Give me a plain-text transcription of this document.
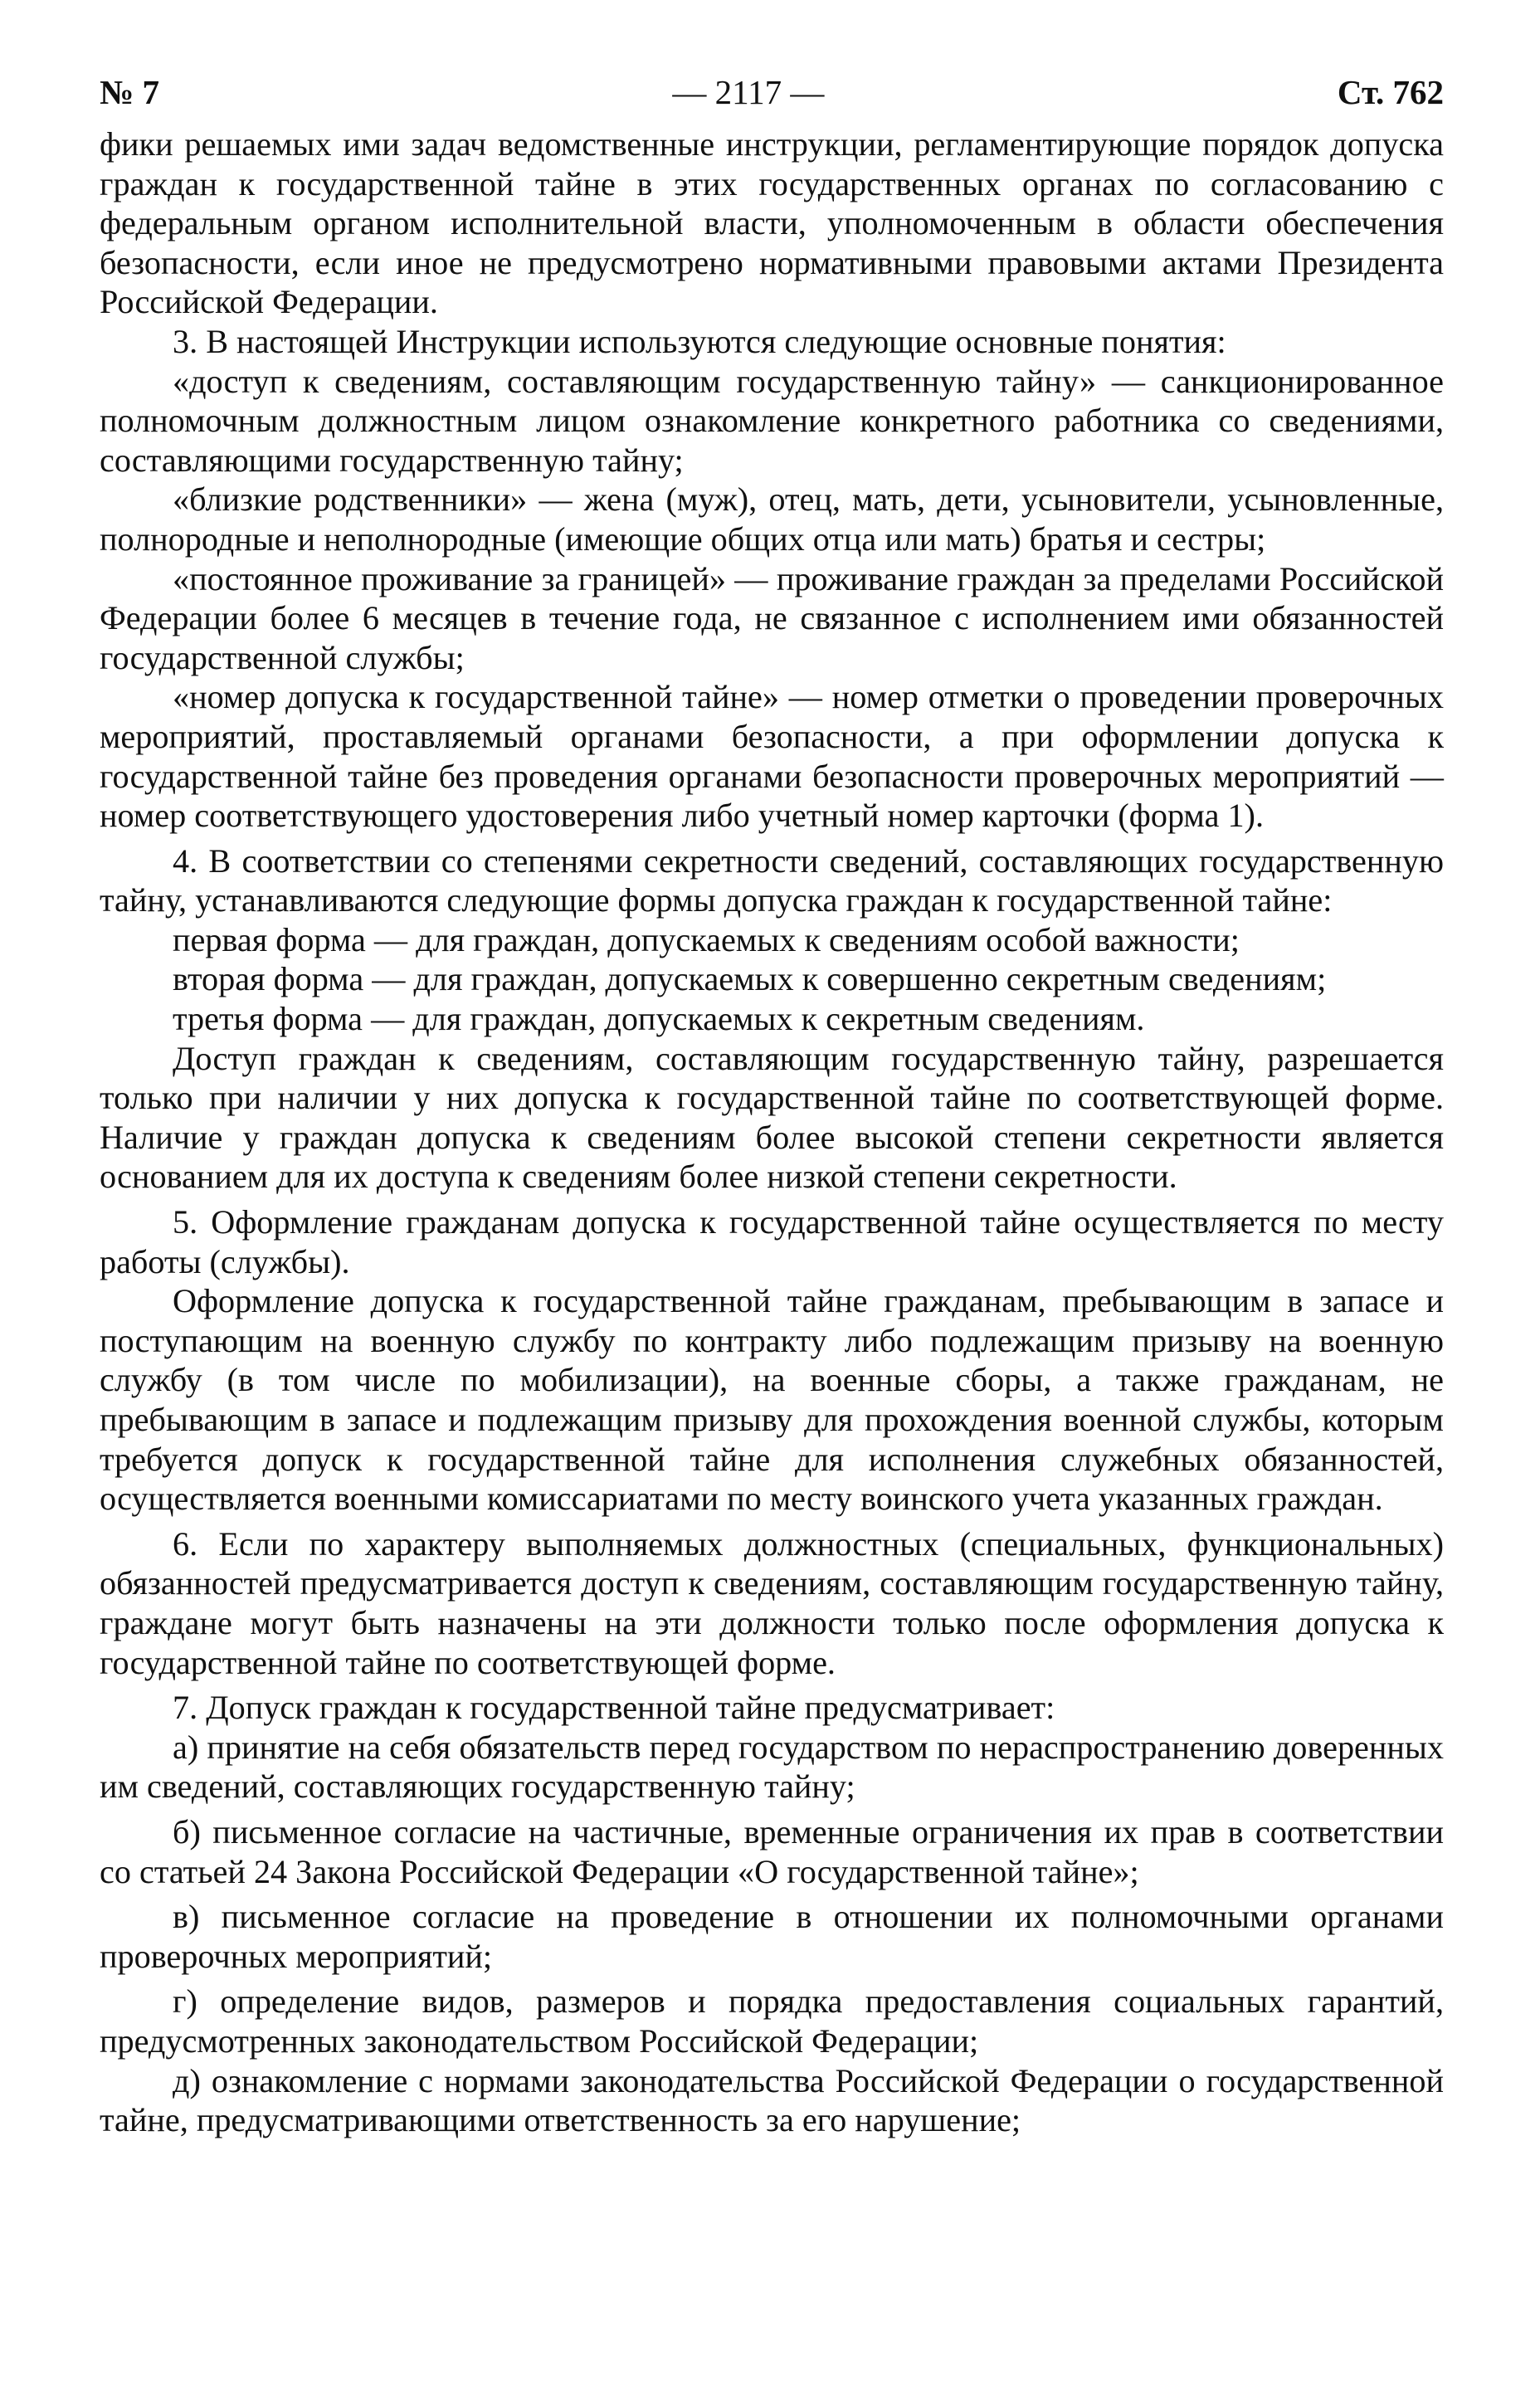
№ 7	— 2117 —	Ст. 762

фики решаемых ими задач ведомственные инструкции, регламентирующие порядок допуска граждан к государственной тайне в этих государственных органах по согласованию с федеральным органом исполнительной власти, уполномоченным в области обеспечения безопасности, если иное не предусмотрено нормативными правовыми актами Президента Российской Федерации.

3. В настоящей Инструкции используются следующие основные понятия:

«доступ к сведениям, составляющим государственную тайну» — санкционированное полномочным должностным лицом ознакомление конкретного работника со сведениями, составляющими государственную тайну;

«близкие родственники» — жена (муж), отец, мать, дети, усыновители, усыновленные, полнородные и неполнородные (имеющие общих отца или мать) братья и сестры;

«постоянное проживание за границей» — проживание граждан за пределами Российской Федерации более 6 месяцев в течение года, не связанное с исполнением ими обязанностей государственной службы;

«номер допуска к государственной тайне» — номер отметки о проведении проверочных мероприятий, проставляемый органами безопасности, а при оформлении допуска к государственной тайне без проведения органами безопасности проверочных мероприятий — номер соответствующего удостоверения либо учетный номер карточки (форма 1).

4. В соответствии со степенями секретности сведений, составляющих государственную тайну, устанавливаются следующие формы допуска граждан к государственной тайне:

первая форма — для граждан, допускаемых к сведениям особой важности;

вторая форма — для граждан, допускаемых к совершенно секретным сведениям;

третья форма — для граждан, допускаемых к секретным сведениям.

Доступ граждан к сведениям, составляющим государственную тайну, разрешается только при наличии у них допуска к государственной тайне по соответствующей форме. Наличие у граждан допуска к сведениям более высокой степени секретности является основанием для их доступа к сведениям более низкой степени секретности.

5. Оформление гражданам допуска к государственной тайне осуществляется по месту работы (службы).

Оформление допуска к государственной тайне гражданам, пребывающим в запасе и поступающим на военную службу по контракту либо подлежащим призыву на военную службу (в том числе по мобилизации), на военные сборы, а также гражданам, не пребывающим в запасе и подлежащим призыву для прохождения военной службы, которым требуется допуск к государственной тайне для исполнения служебных обязанностей, осуществляется военными комиссариатами по месту воинского учета указанных граждан.

6. Если по характеру выполняемых должностных (специальных, функциональных) обязанностей предусматривается доступ к сведениям, составляющим государственную тайну, граждане могут быть назначены на эти должности только после оформления допуска к государственной тайне по соответствующей форме.

7. Допуск граждан к государственной тайне предусматривает:

а) принятие на себя обязательств перед государством по нераспространению доверенных им сведений, составляющих государственную тайну;

б) письменное согласие на частичные, временные ограничения их прав в соответствии со статьей 24 Закона Российской Федерации «О государственной тайне»;

в) письменное согласие на проведение в отношении их полномочными органами проверочных мероприятий;

г) определение видов, размеров и порядка предоставления социальных гарантий, предусмотренных законодательством Российской Федерации;

д) ознакомление с нормами законодательства Российской Федерации о государственной тайне, предусматривающими ответственность за его нарушение;
